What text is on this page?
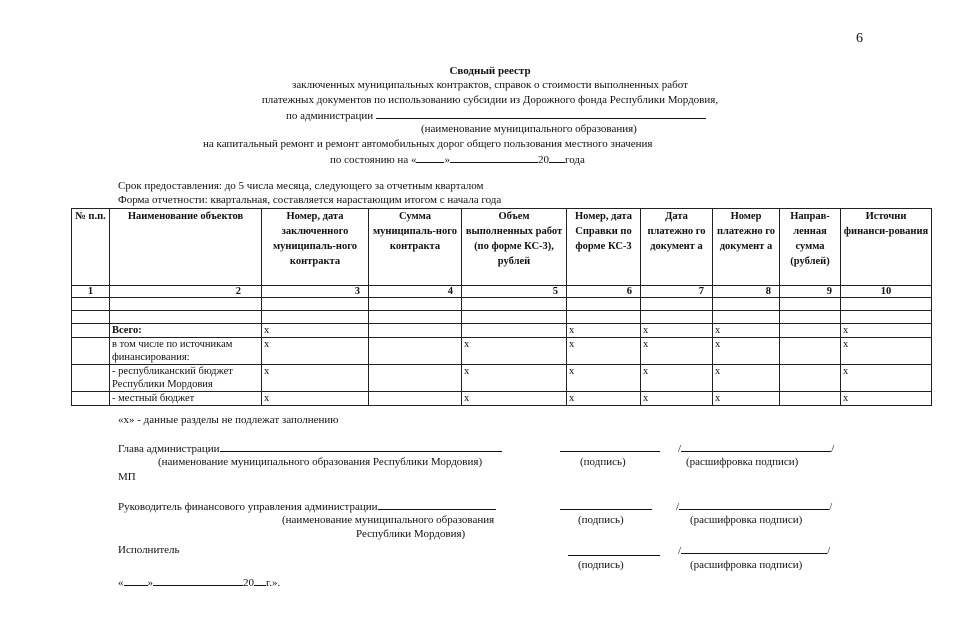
6
Сводный реестр
заключенных муниципальных контрактов, справок о стоимости выполненных работ
платежных документов по использованию субсидии из Дорожного фонда Республики Мордовия,
по администрации
(наименование муниципального образования)
на капитальный ремонт и ремонт автомобильных дорог общего пользования местного значения
по состоянию на «	»	20 года
Срок предоставления: до 5 числа месяца, следующего за отчетным кварталом
Форма отчетности: квартальная, составляется нарастающим итогом с начала года
№ п.п.	Наименование объектов	Номер, дата заключенного муниципаль-ного контракта	Сумма муниципаль-ного контракта	Объем выполненных работ (по форме КС-3), рублей	Номер, дата Справки по форме КС-3	Дата платежно го документ а	Номер платежно го документ а	Направ-ленная сумма (рублей)	Источни финанси-рования
1	2	3	4	5	6	7	8	9	10

	Всего:	x			x	x	x		x
	в том числе по источникам финансирования:	x		x	x	x	x		x
	- республиканский бюджет Республики Мордовия	x		x	x	x	x		x
	- местный бюджет	x		x	x	x	x		x
«х» - данные разделы не подлежат заполнению
Глава администрации	/	/
(наименование муниципального образования Республики Мордовия)	(подпись)	(расшифровка подписи)
МП
Руководитель финансового управления администрации	/	/
(наименование муниципального образования	(подпись)	(расшифровка подписи)
Республики Мордовия)
Исполнитель	/	/
(подпись)	(расшифровка подписи)
« »	20 г.».
